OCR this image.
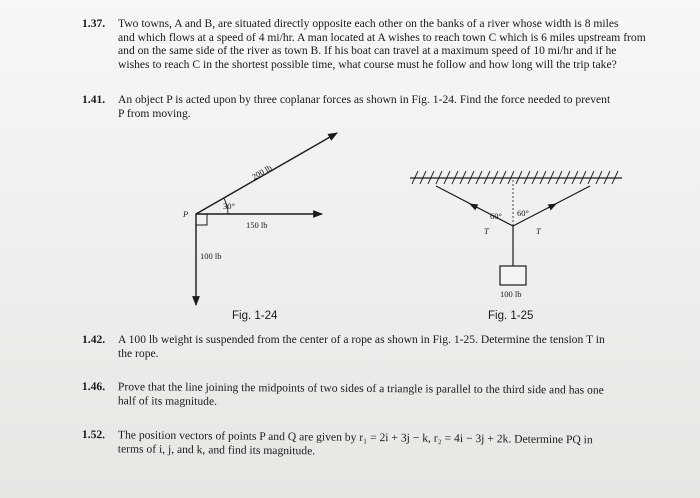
1.37. Two towns, A and B, are situated directly opposite each other on the banks of a river whose width is 8 miles
and which flows at a speed of 4 mi/hr. A man located at A wishes to reach town C which is 6 miles upstream from
and on the same side of the river as town B. If his boat can travel at a maximum speed of 10 mi/hr and if he
wishes to reach C in the shortest possible time, what course must he follow and how long will the trip take?
1.41. An object P is acted upon by three coplanar forces as shown in Fig. 1-24. Find the force needed to prevent
P from moving.
P
30°
200 lb
150 lb
100 lb
60° 60°
T	T
100 lb
Fig. 1-24	Fig. 1-25
1.42. A 100 lb weight is suspended from the center of a rope as shown in Fig. 1-25. Determine the tension T in
the rope.
1.46. Prove that the line joining the midpoints of two sides of a triangle is parallel to the third side and has one
half of its magnitude.
1.52. The position vectors of points P and Q are given by r₁ = 2i + 3j − k, r₂ = 4i − 3j + 2k. Determine PQ in
terms of i, j, and k, and find its magnitude.
